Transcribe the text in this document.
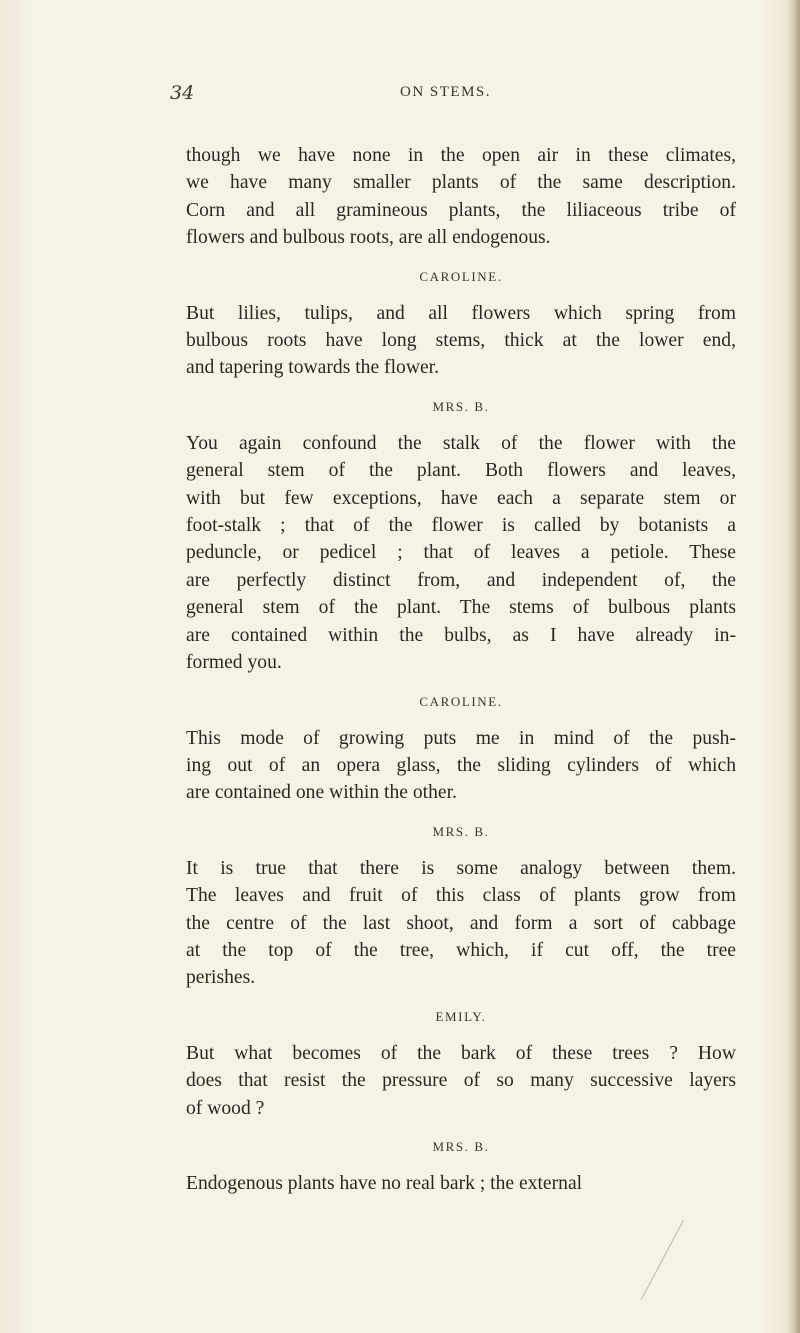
34	ON STEMS.
though we have none in the open air in these climates,
we have many smaller plants of the same description.
Corn and all gramineous plants, the liliaceous tribe of
flowers and bulbous roots, are all endogenous.
CAROLINE.
But lilies, tulips, and all flowers which spring from
bulbous roots have long stems, thick at the lower end,
and tapering towards the flower.
MRS. B.
You again confound the stalk of the flower with the
general stem of the plant. Both flowers and leaves,
with but few exceptions, have each a separate stem or
foot-stalk ; that of the flower is called by botanists a
peduncle, or pedicel ; that of leaves a petiole. These
are perfectly distinct from, and independent of, the
general stem of the plant. The stems of bulbous plants
are contained within the bulbs, as I have already in-
formed you.
CAROLINE.
This mode of growing puts me in mind of the push-
ing out of an opera glass, the sliding cylinders of which
are contained one within the other.
MRS. B.
It is true that there is some analogy between them.
The leaves and fruit of this class of plants grow from
the centre of the last shoot, and form a sort of cabbage
at the top of the tree, which, if cut off, the tree
perishes.
EMILY.
But what becomes of the bark of these trees ? How
does that resist the pressure of so many successive layers
of wood ?
MRS. B.
Endogenous plants have no real bark ; the external
